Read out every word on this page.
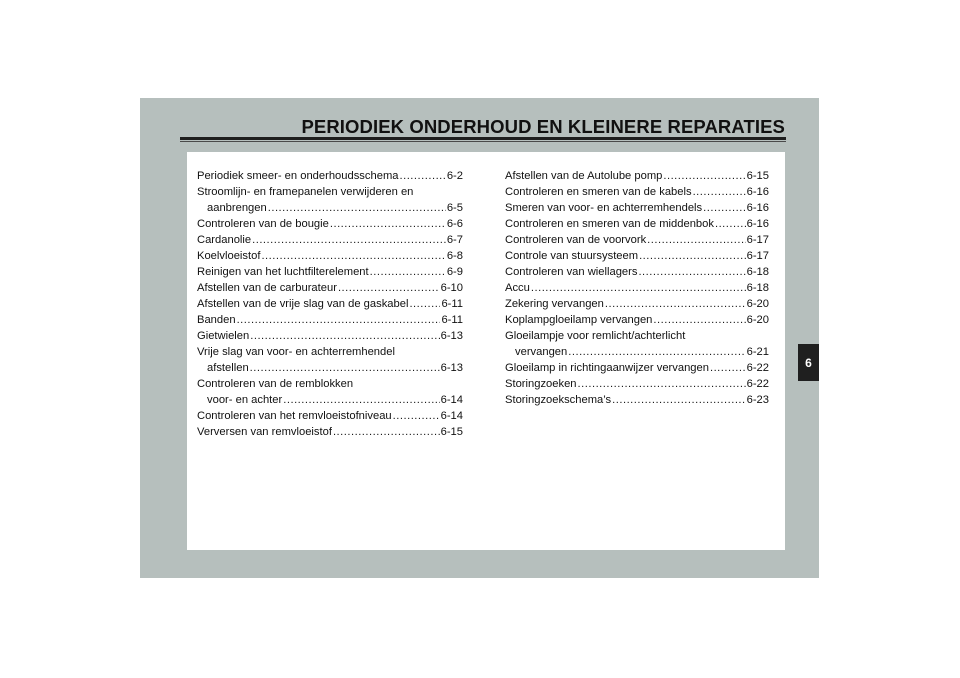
PERIODIEK ONDERHOUD EN KLEINERE REPARATIES
6
Periodiek smeer- en onderhoudsschema .....	6-2
Stroomlijn- en framepanelen verwijderen en
aanbrengen .....	6-5
Controleren van de bougie .....	6-6
Cardanolie .....	6-7
Koelvloeistof .....	6-8
Reinigen van het luchtfilterelement .....	6-9
Afstellen van de carburateur .....	6-10
Afstellen van de vrije slag van de gaskabel .....	6-11
Banden .....	6-11
Gietwielen .....	6-13
Vrije slag van voor- en achterremhendel
afstellen .....	6-13
Controleren van de remblokken
voor- en achter .....	6-14
Controleren van het remvloeistofniveau .....	6-14
Verversen van remvloeistof .....	6-15
Afstellen van de Autolube pomp .....	6-15
Controleren en smeren van de kabels .....	6-16
Smeren van voor- en achterremhendels .....	6-16
Controleren en smeren van de middenbok .....	6-16
Controleren van de voorvork .....	6-17
Controle van stuursysteem .....	6-17
Controleren van wiellagers .....	6-18
Accu .....	6-18
Zekering vervangen .....	6-20
Koplampgloeilamp vervangen .....	6-20
Gloeilampje voor remlicht/achterlicht
vervangen .....	6-21
Gloeilamp in richtingaanwijzer vervangen .....	6-22
Storingzoeken .....	6-22
Storingzoekschema’s .....	6-23
